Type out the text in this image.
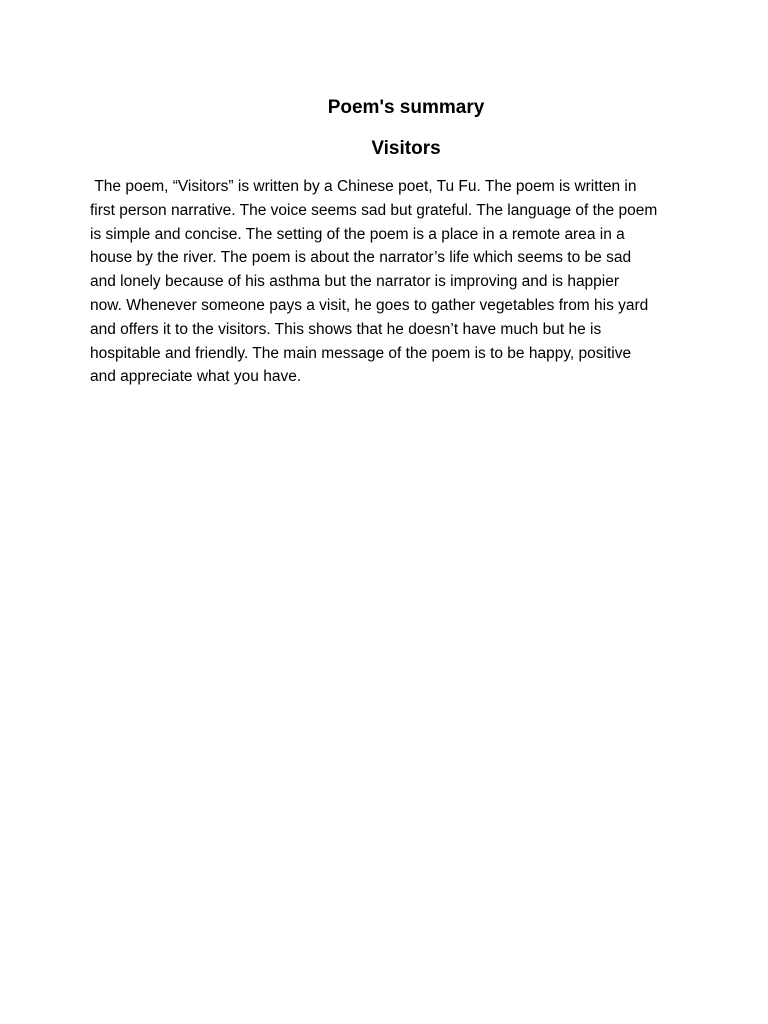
Poem's summary
Visitors

The poem, “Visitors” is written by a Chinese poet, Tu Fu. The poem is written in
first person narrative. The voice seems sad but grateful. The language of the poem
is simple and concise. The setting of the poem is a place in a remote area in a
house by the river. The poem is about the narrator’s life which seems to be sad
and lonely because of his asthma but the narrator is improving and is happier
now. Whenever someone pays a visit, he goes to gather vegetables from his yard
and offers it to the visitors. This shows that he doesn’t have much but he is
hospitable and friendly. The main message of the poem is to be happy, positive
and appreciate what you have.
